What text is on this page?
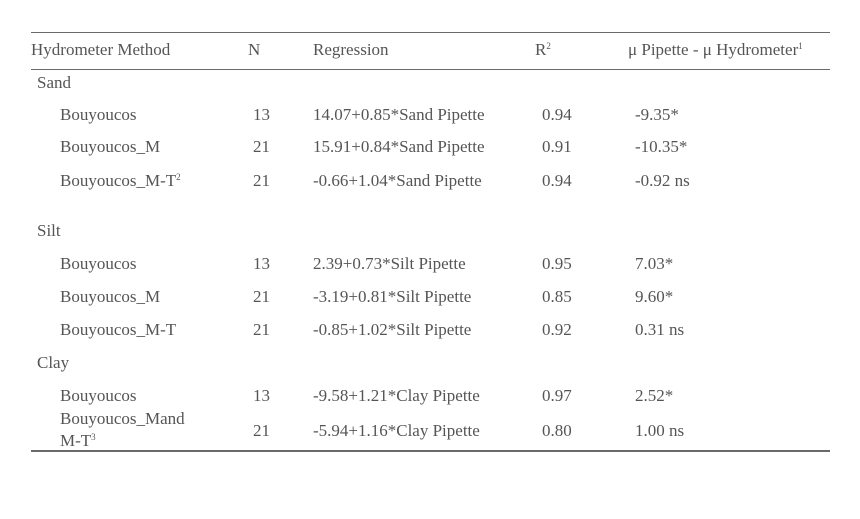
Hydrometer Method	N	Regression	$R^2$	μ Pipette - μ Hydrometer$^1$
Sand
Bouyoucos	13	14.07+0.85*Sand Pipette	0.94	-9.35*
Bouyoucos_M	21	15.91+0.84*Sand Pipette	0.91	-10.35*
$Bouyoucos\_M-T^2$	21	-0.66+1.04*Sand Pipette	0.94	-0.92 ns
Silt
Bouyoucos	13	2.39+0.73*Silt Pipette	0.95	7.03*
Bouyoucos_M	21	-3.19+0.81*Silt Pipette	0.85	9.60*
Bouyoucos_M-T	21	-0.85+1.02*Silt Pipette	0.92	0.31 ns
Clay
Bouyoucos	13	-9.58+1.21*Clay Pipette	0.97	2.52*
Bouyoucos_Mand
$M-T^3$	21	-5.94+1.16*Clay Pipette	0.80	1.00 ns
